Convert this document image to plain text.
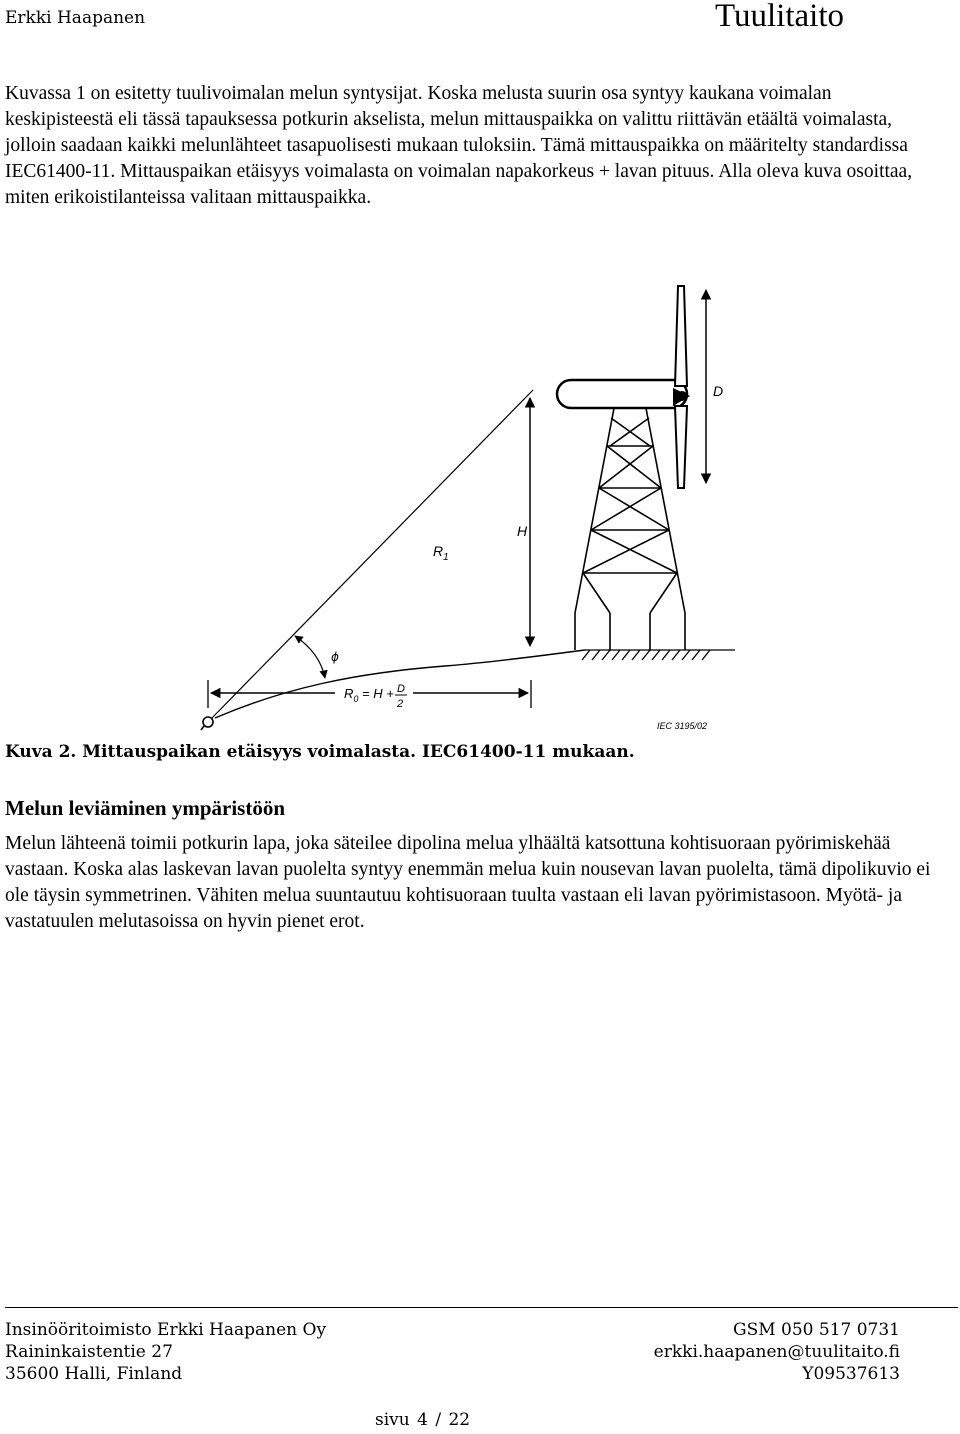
Erkki Haapanen	Tuulitaito
Kuvassa 1 on esitetty tuulivoimalan melun syntysijat. Koska melusta suurin osa syntyy kaukana voimalan keskipisteestä eli tässä tapauksessa potkurin akselista, melun mittauspaikka on valittu riittävän etäältä voimalasta, jolloin saadaan kaikki melunlähteet tasapuolisesti mukaan tuloksiin. Tämä mittauspaikka on määritelty standardissa IEC61400-11. Mittauspaikan etäisyys voimalasta on voimalan napakorkeus + lavan pituus. Alla oleva kuva osoittaa, miten erikoistilanteissa valitaan mittauspaikka.
D
H
$R_1$
ϕ
$R_0 = H + D$
2
IEC 3195/02
Kuva 2. Mittauspaikan etäisyys voimalasta. IEC61400-11 mukaan.
Melun leviäminen ympäristöön
Melun lähteenä toimii potkurin lapa, joka säteilee dipolina melua ylhäältä katsottuna kohtisuoraan pyörimiskehää vastaan. Koska alas laskevan lavan puolelta syntyy enemmän melua kuin nousevan lavan puolelta, tämä dipolikuvio ei ole täysin symmetrinen. Vähiten melua suuntautuu kohtisuoraan tuulta vastaan eli lavan pyörimistasoon. Myötä- ja vastatuulen melutasoissa on hyvin pienet erot.
Insinööritoimisto Erkki Haapanen Oy
Raininkaistentie 27
35600 Halli, Finland
GSM 050 517 0731
erkki.haapanen@tuulitaito.fi
Y09537613
sivu 4 / 22
